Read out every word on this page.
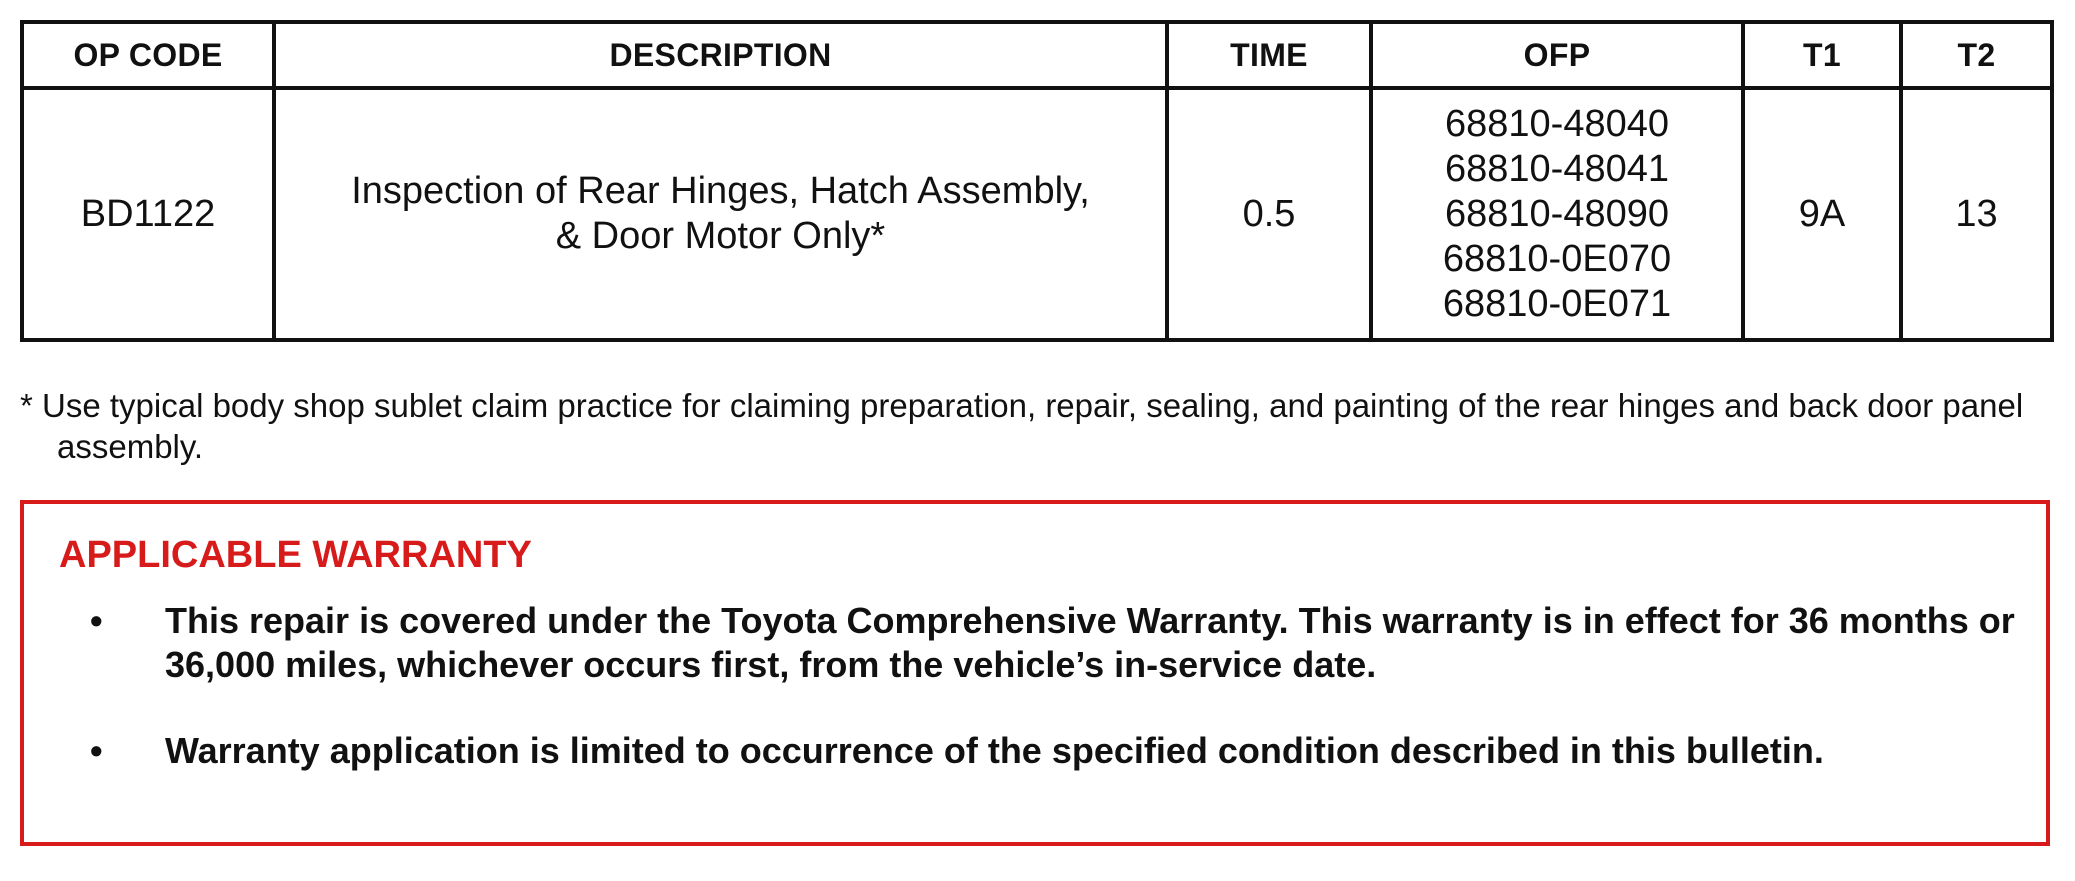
OP CODE	DESCRIPTION	TIME	OFP	T1	T2
BD1122	Inspection of Rear Hinges, Hatch Assembly,
& Door Motor Only*	0.5	68810-48040
68810-48041
68810-48090
68810-0E070
68810-0E071	9A	13
* Use typical body shop sublet claim practice for claiming preparation, repair, sealing, and painting of the rear hinges and back door panel assembly.
APPLICABLE WARRANTY
• This repair is covered under the Toyota Comprehensive Warranty. This warranty is in effect for 36 months or 36,000 miles, whichever occurs first, from the vehicle’s in-service date.
• Warranty application is limited to occurrence of the specified condition described in this bulletin.
